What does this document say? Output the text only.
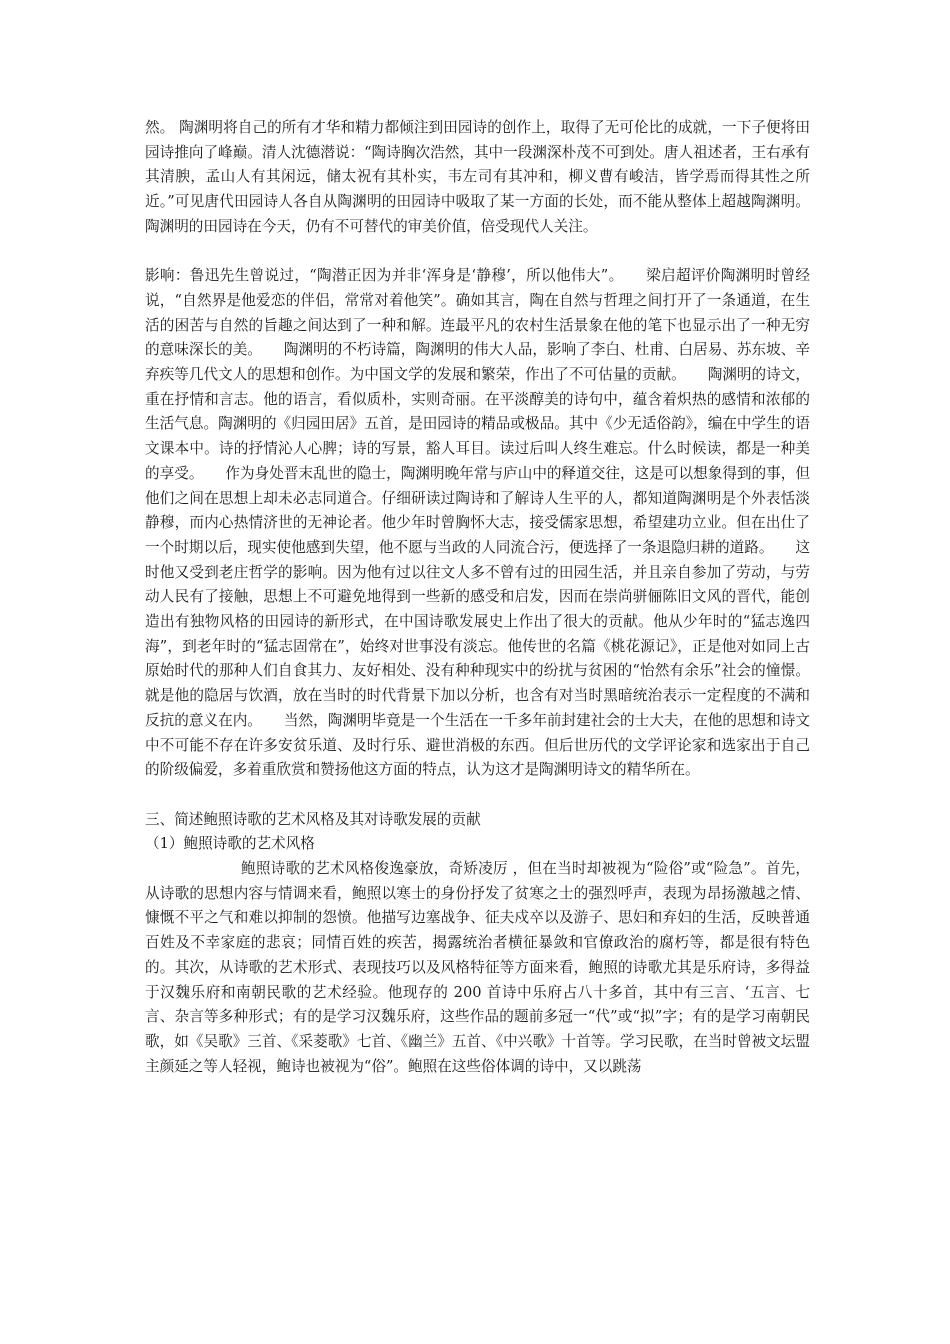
然。 陶渊明将自己的所有才华和精力都倾注到田园诗的创作上，取得了无可伦比的成就，一下子便将田园诗推向了峰巅。清人沈德潜说：“陶诗胸次浩然，其中一段渊深朴茂不可到处。唐人祖述者，王右承有其清腴，孟山人有其闲远，储太祝有其朴实，韦左司有其冲和，柳义曹有峻洁，皆学焉而得其性之所近。”可见唐代田园诗人各自从陶渊明的田园诗中吸取了某一方面的长处，而不能从整体上超越陶渊明。 陶渊明的田园诗在今天，仍有不可替代的审美价值，倍受现代人关注。

影响：鲁迅先生曾说过，“陶潜正因为并非‘浑身是‘静穆’，所以他伟大”。　　梁启超评价陶渊明时曾经说，“自然界是他爱恋的伴侣，常常对着他笑”。确如其言，陶在自然与哲理之间打开了一条通道，在生活的困苦与自然的旨趣之间达到了一种和解。连最平凡的农村生活景象在他的笔下也显示出了一种无穷的意味深长的美。　　陶渊明的不朽诗篇，陶渊明的伟大人品，影响了李白、杜甫、白居易、苏东坡、辛弃疾等几代文人的思想和创作。为中国文学的发展和繁荣，作出了不可估量的贡献。　　陶渊明的诗文，重在抒情和言志。他的语言，看似质朴，实则奇丽。在平淡醇美的诗句中，蕴含着炽热的感情和浓郁的生活气息。陶渊明的《归园田居》五首，是田园诗的精品或极品。其中《少无适俗韵》，编在中学生的语文课本中。诗的抒情沁人心脾；诗的写景，豁人耳目。读过后叫人终生难忘。什么时候读，都是一种美的享受。　　作为身处晋末乱世的隐士，陶渊明晚年常与庐山中的释道交往，这是可以想象得到的事，但他们之间在思想上却未必志同道合。仔细研读过陶诗和了解诗人生平的人，都知道陶渊明是个外表恬淡静穆，而内心热情济世的无神论者。他少年时曾胸怀大志，接受儒家思想，希望建功立业。但在出仕了一个时期以后，现实使他感到失望，他不愿与当政的人同流合污，便选择了一条退隐归耕的道路。　　这时他又受到老庄哲学的影响。因为他有过以往文人多不曾有过的田园生活，并且亲自参加了劳动，与劳动人民有了接触，思想上不可避免地得到一些新的感受和启发，因而在崇尚骈俪陈旧文风的晋代，能创造出有独物风格的田园诗的新形式，在中国诗歌发展史上作出了很大的贡献。他从少年时的“猛志逸四海”，到老年时的“猛志固常在”，始终对世事没有淡忘。他传世的名篇《桃花源记》，正是他对如同上古原始时代的那种人们自食其力、友好相处、没有种种现实中的纷扰与贫困的“怡然有余乐”社会的憧憬。就是他的隐居与饮酒，放在当时的时代背景下加以分析，也含有对当时黑暗统治表示一定程度的不满和反抗的意义在内。　　当然，陶渊明毕竟是一个生活在一千多年前封建社会的士大夫，在他的思想和诗文中不可能不存在许多安贫乐道、及时行乐、避世消极的东西。但后世历代的文学评论家和选家出于自己的阶级偏爱，多着重欣赏和赞扬他这方面的特点，认为这才是陶渊明诗文的精华所在。

三、简述鲍照诗歌的艺术风格及其对诗歌发展的贡献

（1）鲍照诗歌的艺术风格

鲍照诗歌的艺术风格俊逸豪放，奇矫凌厉 ，但在当时却被视为“险俗”或“险急”。首先，从诗歌的思想内容与情调来看，鲍照以寒士的身份抒发了贫寒之士的强烈呼声，表现为昂扬激越之情、慷慨不平之气和难以抑制的怨愤。他描写边塞战争、征夫戍卒以及游子、思妇和弃妇的生活，反映普通百姓及不幸家庭的悲哀；同情百姓的疾苦，揭露统治者横征暴敛和官僚政治的腐朽等，都是很有特色的。其次，从诗歌的艺术形式、表现技巧以及风格特征等方面来看，鲍照的诗歌尤其是乐府诗，多得益于汉魏乐府和南朝民歌的艺术经验。他现存的 200 首诗中乐府占八十多首，其中有三言、‘五言、七言、杂言等多种形式；有的是学习汉魏乐府，这些作品的题前多冠一“代”或“拟”字；有的是学习南朝民歌，如《吴歌》三首、《采菱歌》七首、《幽兰》五首、《中兴歌》十首等。学习民歌，在当时曾被文坛盟主颜延之等人轻视，鲍诗也被视为“俗”。鲍照在这些俗体调的诗中，又以跳荡
